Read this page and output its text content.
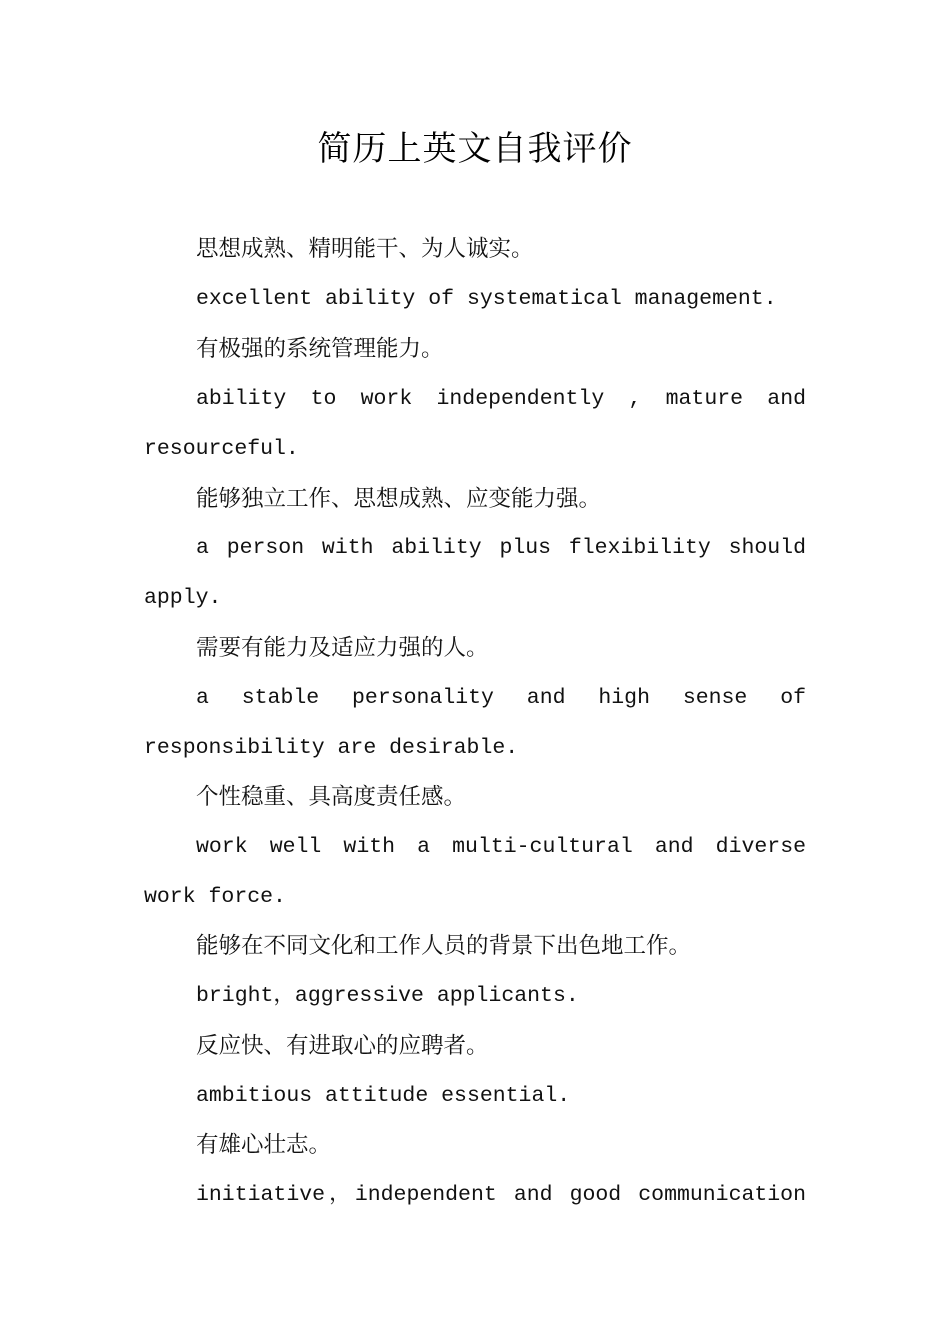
简历上英文自我评价

思想成熟、精明能干、为人诚实。

excellent ability of systematical management.

有极强的系统管理能力。

ability to work independently , mature and resourceful.

能够独立工作、思想成熟、应变能力强。

a person with ability plus flexibility should apply.

需要有能力及适应力强的人。

a stable personality and high sense of responsibility are desirable.

个性稳重、具高度责任感。

work well with a multi-cultural and diverse work force.

能够在不同文化和工作人员的背景下出色地工作。

bright，aggressive applicants.

反应快、有进取心的应聘者。

ambitious attitude essential.

有雄心壮志。

initiative，independent and good communication
